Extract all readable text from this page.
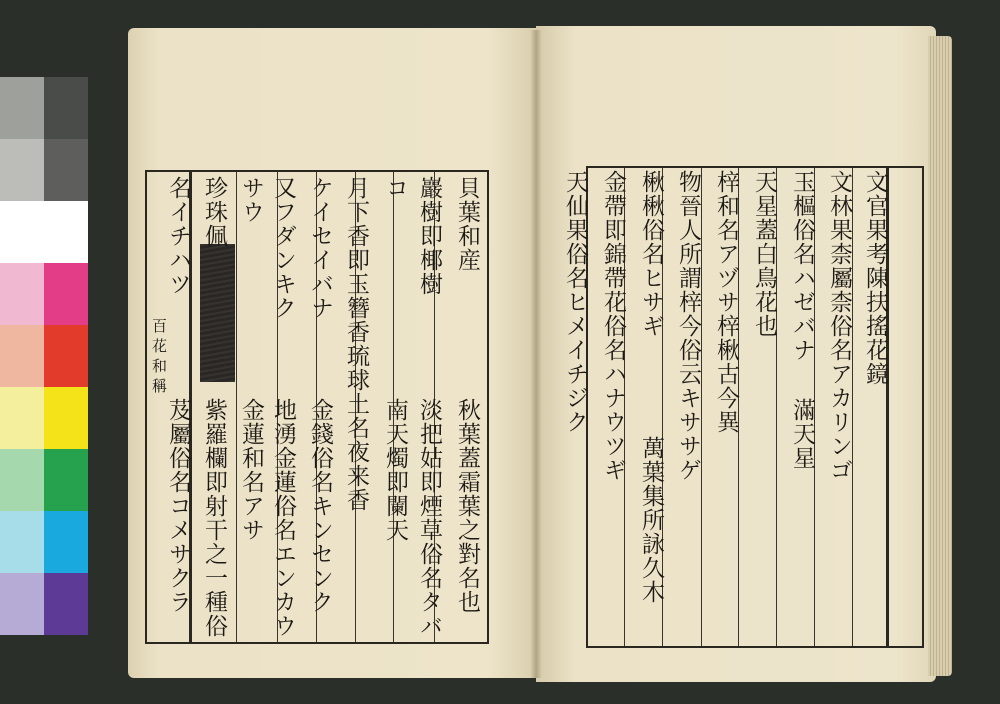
貝葉和産
巖樹即椰樹
コ
月下香即玉簪香琉球土名夜来香
ケイセイバナ
又フダンキク
サウ
珍珠佩
名イチハツ
秋葉蓋霜葉之對名也
淡把姑即煙草俗名タバ
南天燭即闌天
金錢俗名キンセンク
地湧金蓮俗名エンカウ
金蓮和名アサ
紫羅欄即射干之一種俗
芨屬俗名コメサクラ
百
花
和
稱	文官果考陳扶搖花鏡
文林果柰屬柰俗名アカリンゴ
玉樞俗名ハゼバナ
天星蓋白鳥花也
梓和名アヅサ梓楸古今異
物晉人所謂梓今俗云キササゲ
楸楸俗名ヒサギ
金帶即錦帶花俗名ハナウツギ
天仙果俗名ヒメイチジク	滿天星
萬葉集所詠久木
